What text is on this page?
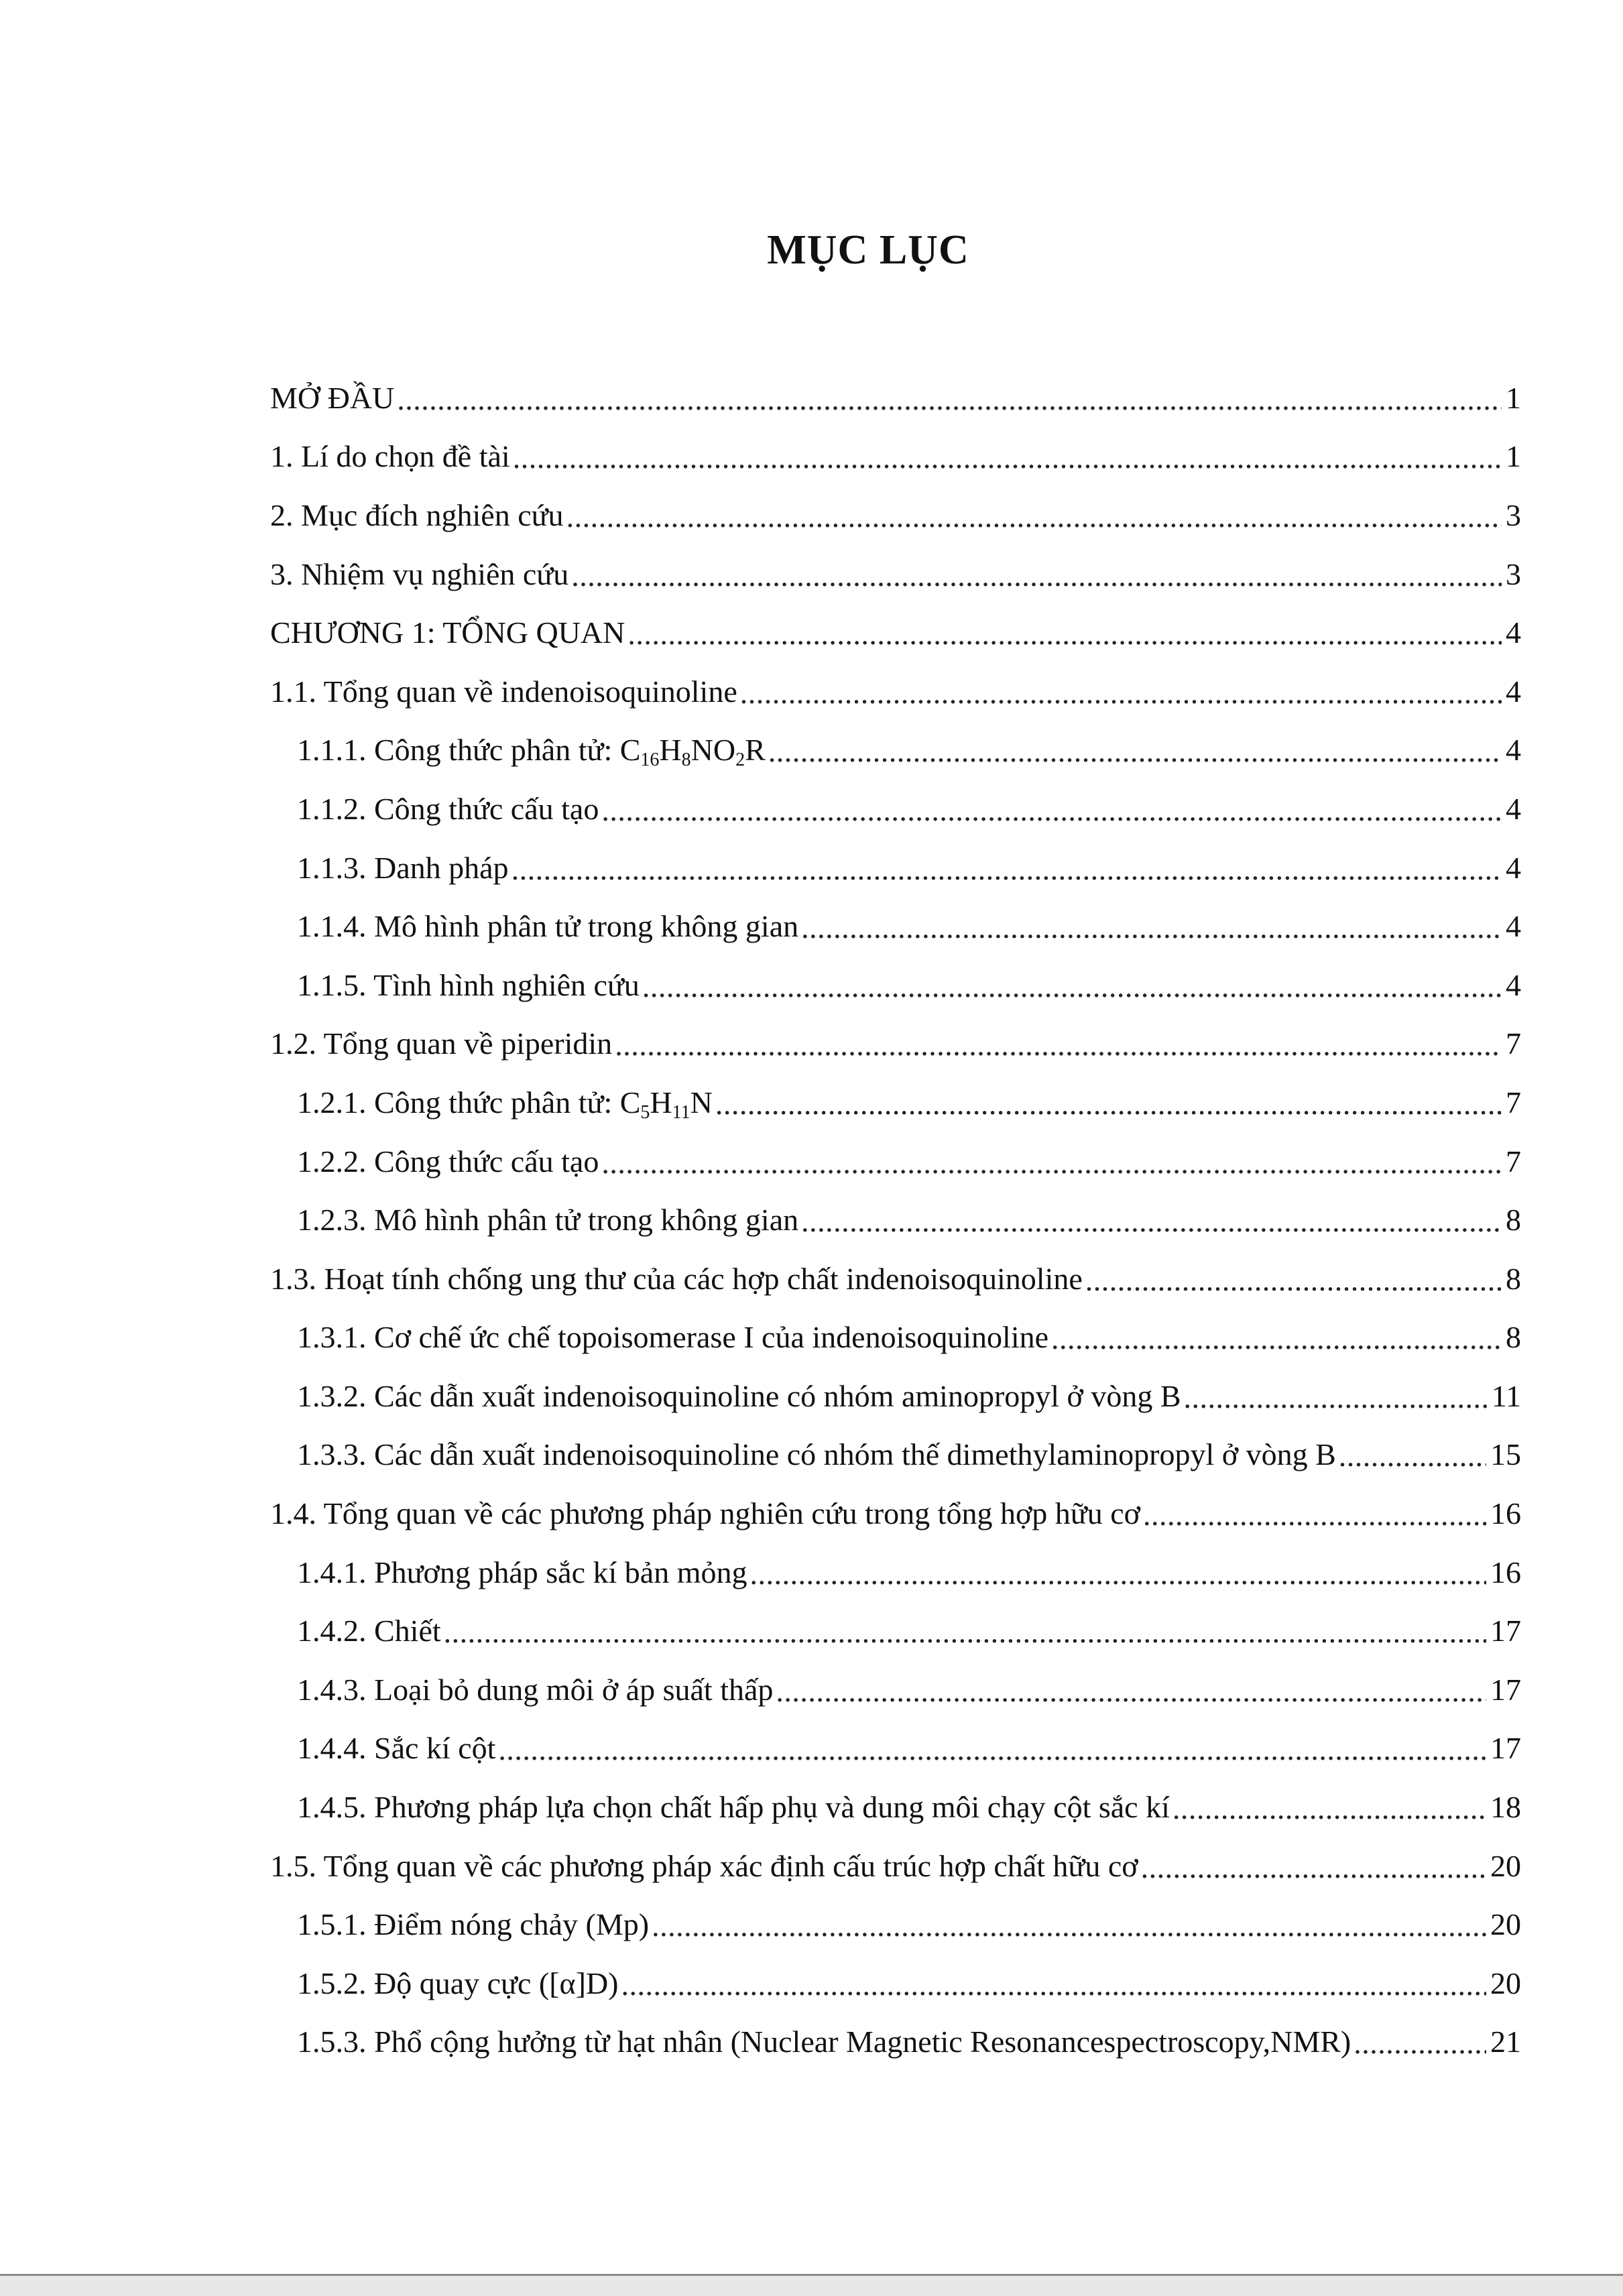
MỤC LỤC
MỞ ĐẦU .....	1
1. Lí do chọn đề tài .....	1
2. Mục đích nghiên cứu .....	3
3. Nhiệm vụ nghiên cứu .....	3
CHƯƠNG 1: TỔNG QUAN .....	4
1.1. Tổng quan về indenoisoquinoline .....	4
1.1.1. Công thức phân tử: $C_{16}H_8NO_2R$ .....	4
1.1.2. Công thức cấu tạo .....	4
1.1.3. Danh pháp .....	4
1.1.4. Mô hình phân tử trong không gian .....	4
1.1.5. Tình hình nghiên cứu .....	4
1.2. Tổng quan về piperidin .....	7
1.2.1. Công thức phân tử: $C_5H_{11}N$ .....	7
1.2.2. Công thức cấu tạo .....	7
1.2.3. Mô hình phân tử trong không gian .....	8
1.3. Hoạt tính chống ung thư của các hợp chất indenoisoquinoline .....	8
1.3.1. Cơ chế ức chế topoisomerase I của indenoisoquinoline .....	8
1.3.2. Các dẫn xuất indenoisoquinoline có nhóm aminopropyl ở vòng B .....	11
1.3.3. Các dẫn xuất indenoisoquinoline có nhóm thế dimethylaminopropyl ở vòng B .....	15
1.4. Tổng quan về các phương pháp nghiên cứu trong tổng hợp hữu cơ .....	16
1.4.1. Phương pháp sắc kí bản mỏng .....	16
1.4.2. Chiết .....	17
1.4.3. Loại bỏ dung môi ở áp suất thấp .....	17
1.4.4. Sắc kí cột .....	17
1.4.5. Phương pháp lựa chọn chất hấp phụ và dung môi chạy cột sắc kí .....	18
1.5. Tổng quan về các phương pháp xác định cấu trúc hợp chất hữu cơ .....	20
1.5.1. Điểm nóng chảy (Mp) .....	20
1.5.2. Độ quay cực ([α]D) .....	20
1.5.3. Phổ cộng hưởng từ hạt nhân (Nuclear Magnetic Resonancespectroscopy,NMR) .....	21
